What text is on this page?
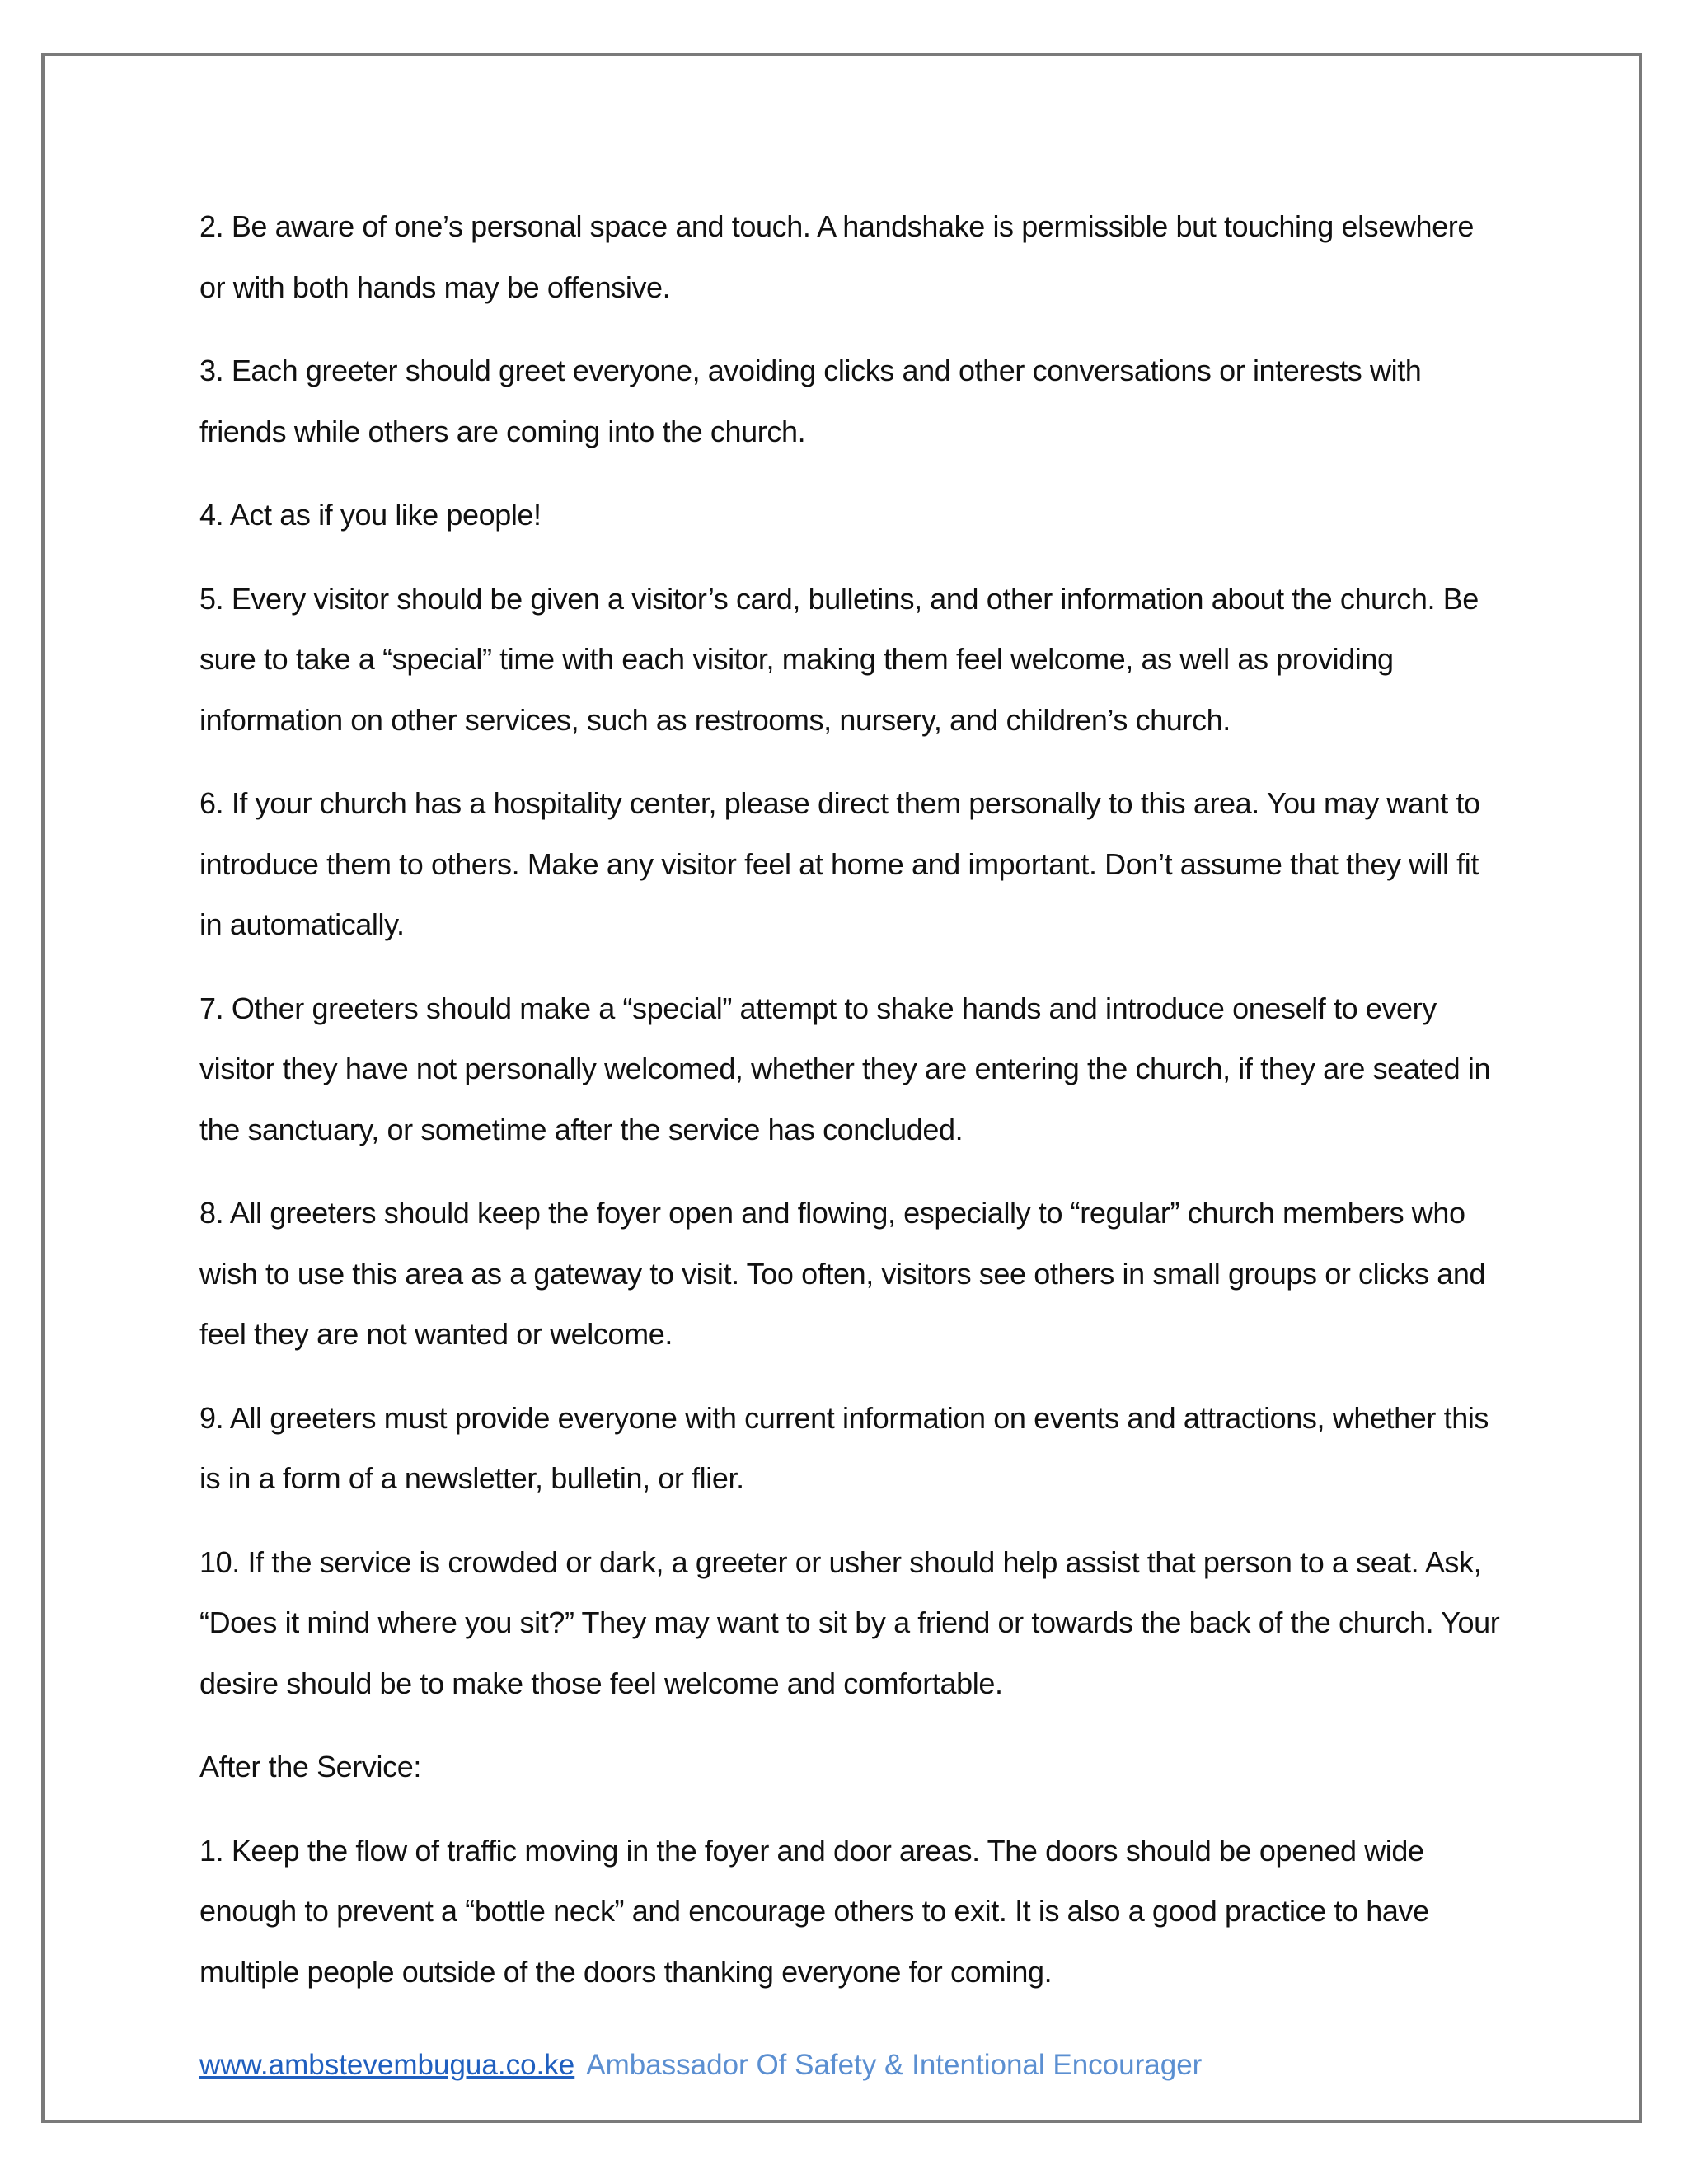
2. Be aware of one’s personal space and touch. A handshake is permissible but touching elsewhere or with both hands may be offensive.

3. Each greeter should greet everyone, avoiding clicks and other conversations or interests with friends while others are coming into the church.

4. Act as if you like people!

5. Every visitor should be given a visitor’s card, bulletins, and other information about the church. Be sure to take a “special” time with each visitor, making them feel welcome, as well as providing information on other services, such as restrooms, nursery, and children’s church.

6. If your church has a hospitality center, please direct them personally to this area. You may want to introduce them to others. Make any visitor feel at home and important. Don’t assume that they will fit in automatically.

7. Other greeters should make a “special” attempt to shake hands and introduce oneself to every visitor they have not personally welcomed, whether they are entering the church, if they are seated in the sanctuary, or sometime after the service has concluded.

8. All greeters should keep the foyer open and flowing, especially to “regular” church members who wish to use this area as a gateway to visit. Too often, visitors see others in small groups or clicks and feel they are not wanted or welcome.

9. All greeters must provide everyone with current information on events and attractions, whether this is in a form of a newsletter, bulletin, or flier.

10. If the service is crowded or dark, a greeter or usher should help assist that person to a seat. Ask, “Does it mind where you sit?” They may want to sit by a friend or towards the back of the church. Your desire should be to make those feel welcome and comfortable.

After the Service:

1. Keep the flow of traffic moving in the foyer and door areas. The doors should be opened wide enough to prevent a “bottle neck” and encourage others to exit. It is also a good practice to have multiple people outside of the doors thanking everyone for coming.

www.ambstevembugua.co.ke Ambassador Of Safety & Intentional Encourager
